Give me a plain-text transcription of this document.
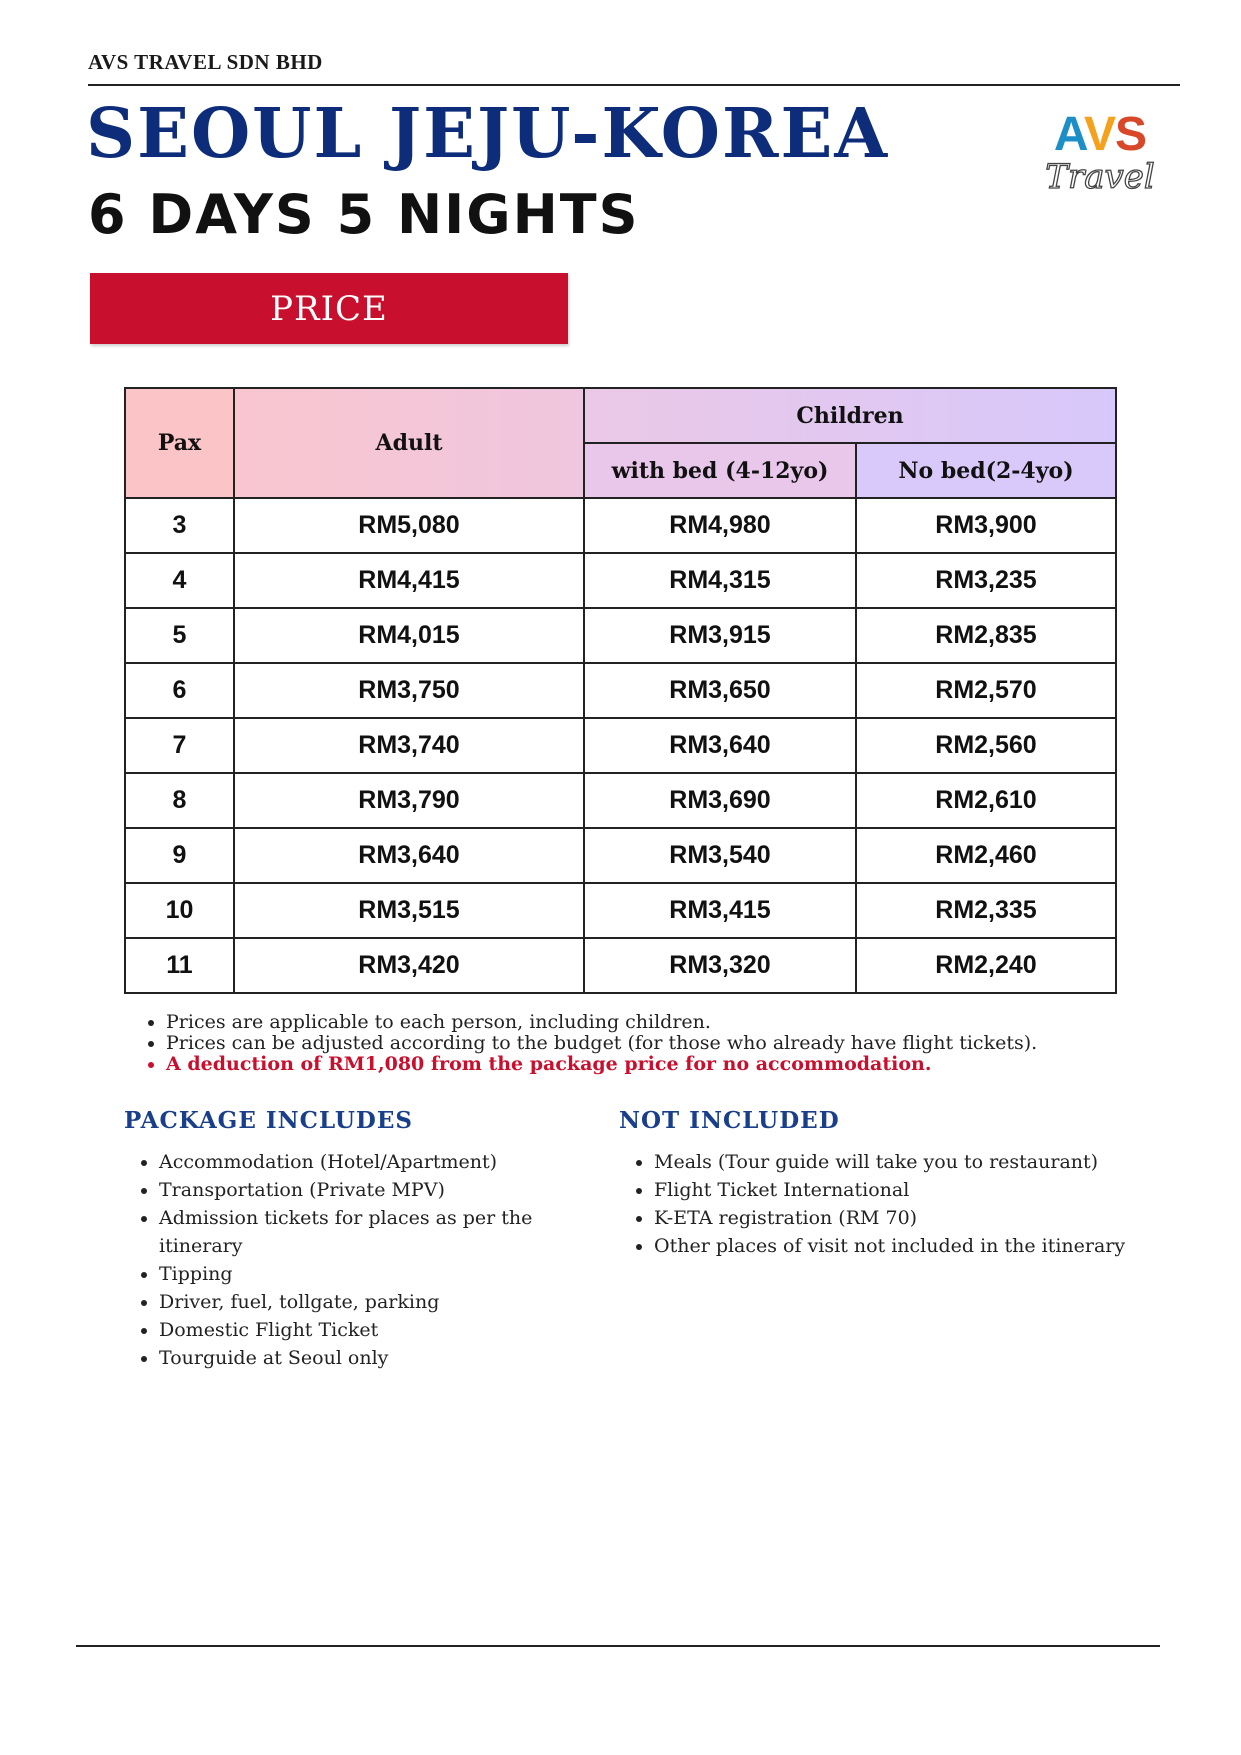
AVS TRAVEL SDN BHD
SEOUL JEJU-KOREA
6 DAYS 5 NIGHTS
AVS
Travel
PRICE
Pax	Adult	Children	
		with bed (4-12yo)	No bed(2-4yo)
3	RM5,080	RM4,980	RM3,900
4	RM4,415	RM4,315	RM3,235
5	RM4,015	RM3,915	RM2,835
6	RM3,750	RM3,650	RM2,570
7	RM3,740	RM3,640	RM2,560
8	RM3,790	RM3,690	RM2,610
9	RM3,640	RM3,540	RM2,460
10	RM3,515	RM3,415	RM2,335
11	RM3,420	RM3,320	RM2,240
• Prices are applicable to each person, including children.
• Prices can be adjusted according to the budget (for those who already have flight tickets).
• A deduction of RM1,080 from the package price for no accommodation.
PACKAGE INCLUDES
• Accommodation (Hotel/Apartment)
• Transportation (Private MPV)
• Admission tickets for places as per the itinerary
• Tipping
• Driver, fuel, tollgate, parking
• Domestic Flight Ticket
• Tourguide at Seoul only
NOT INCLUDED
• Meals (Tour guide will take you to restaurant)
• Flight Ticket International
• K-ETA registration (RM 70)
• Other places of visit not included in the itinerary
